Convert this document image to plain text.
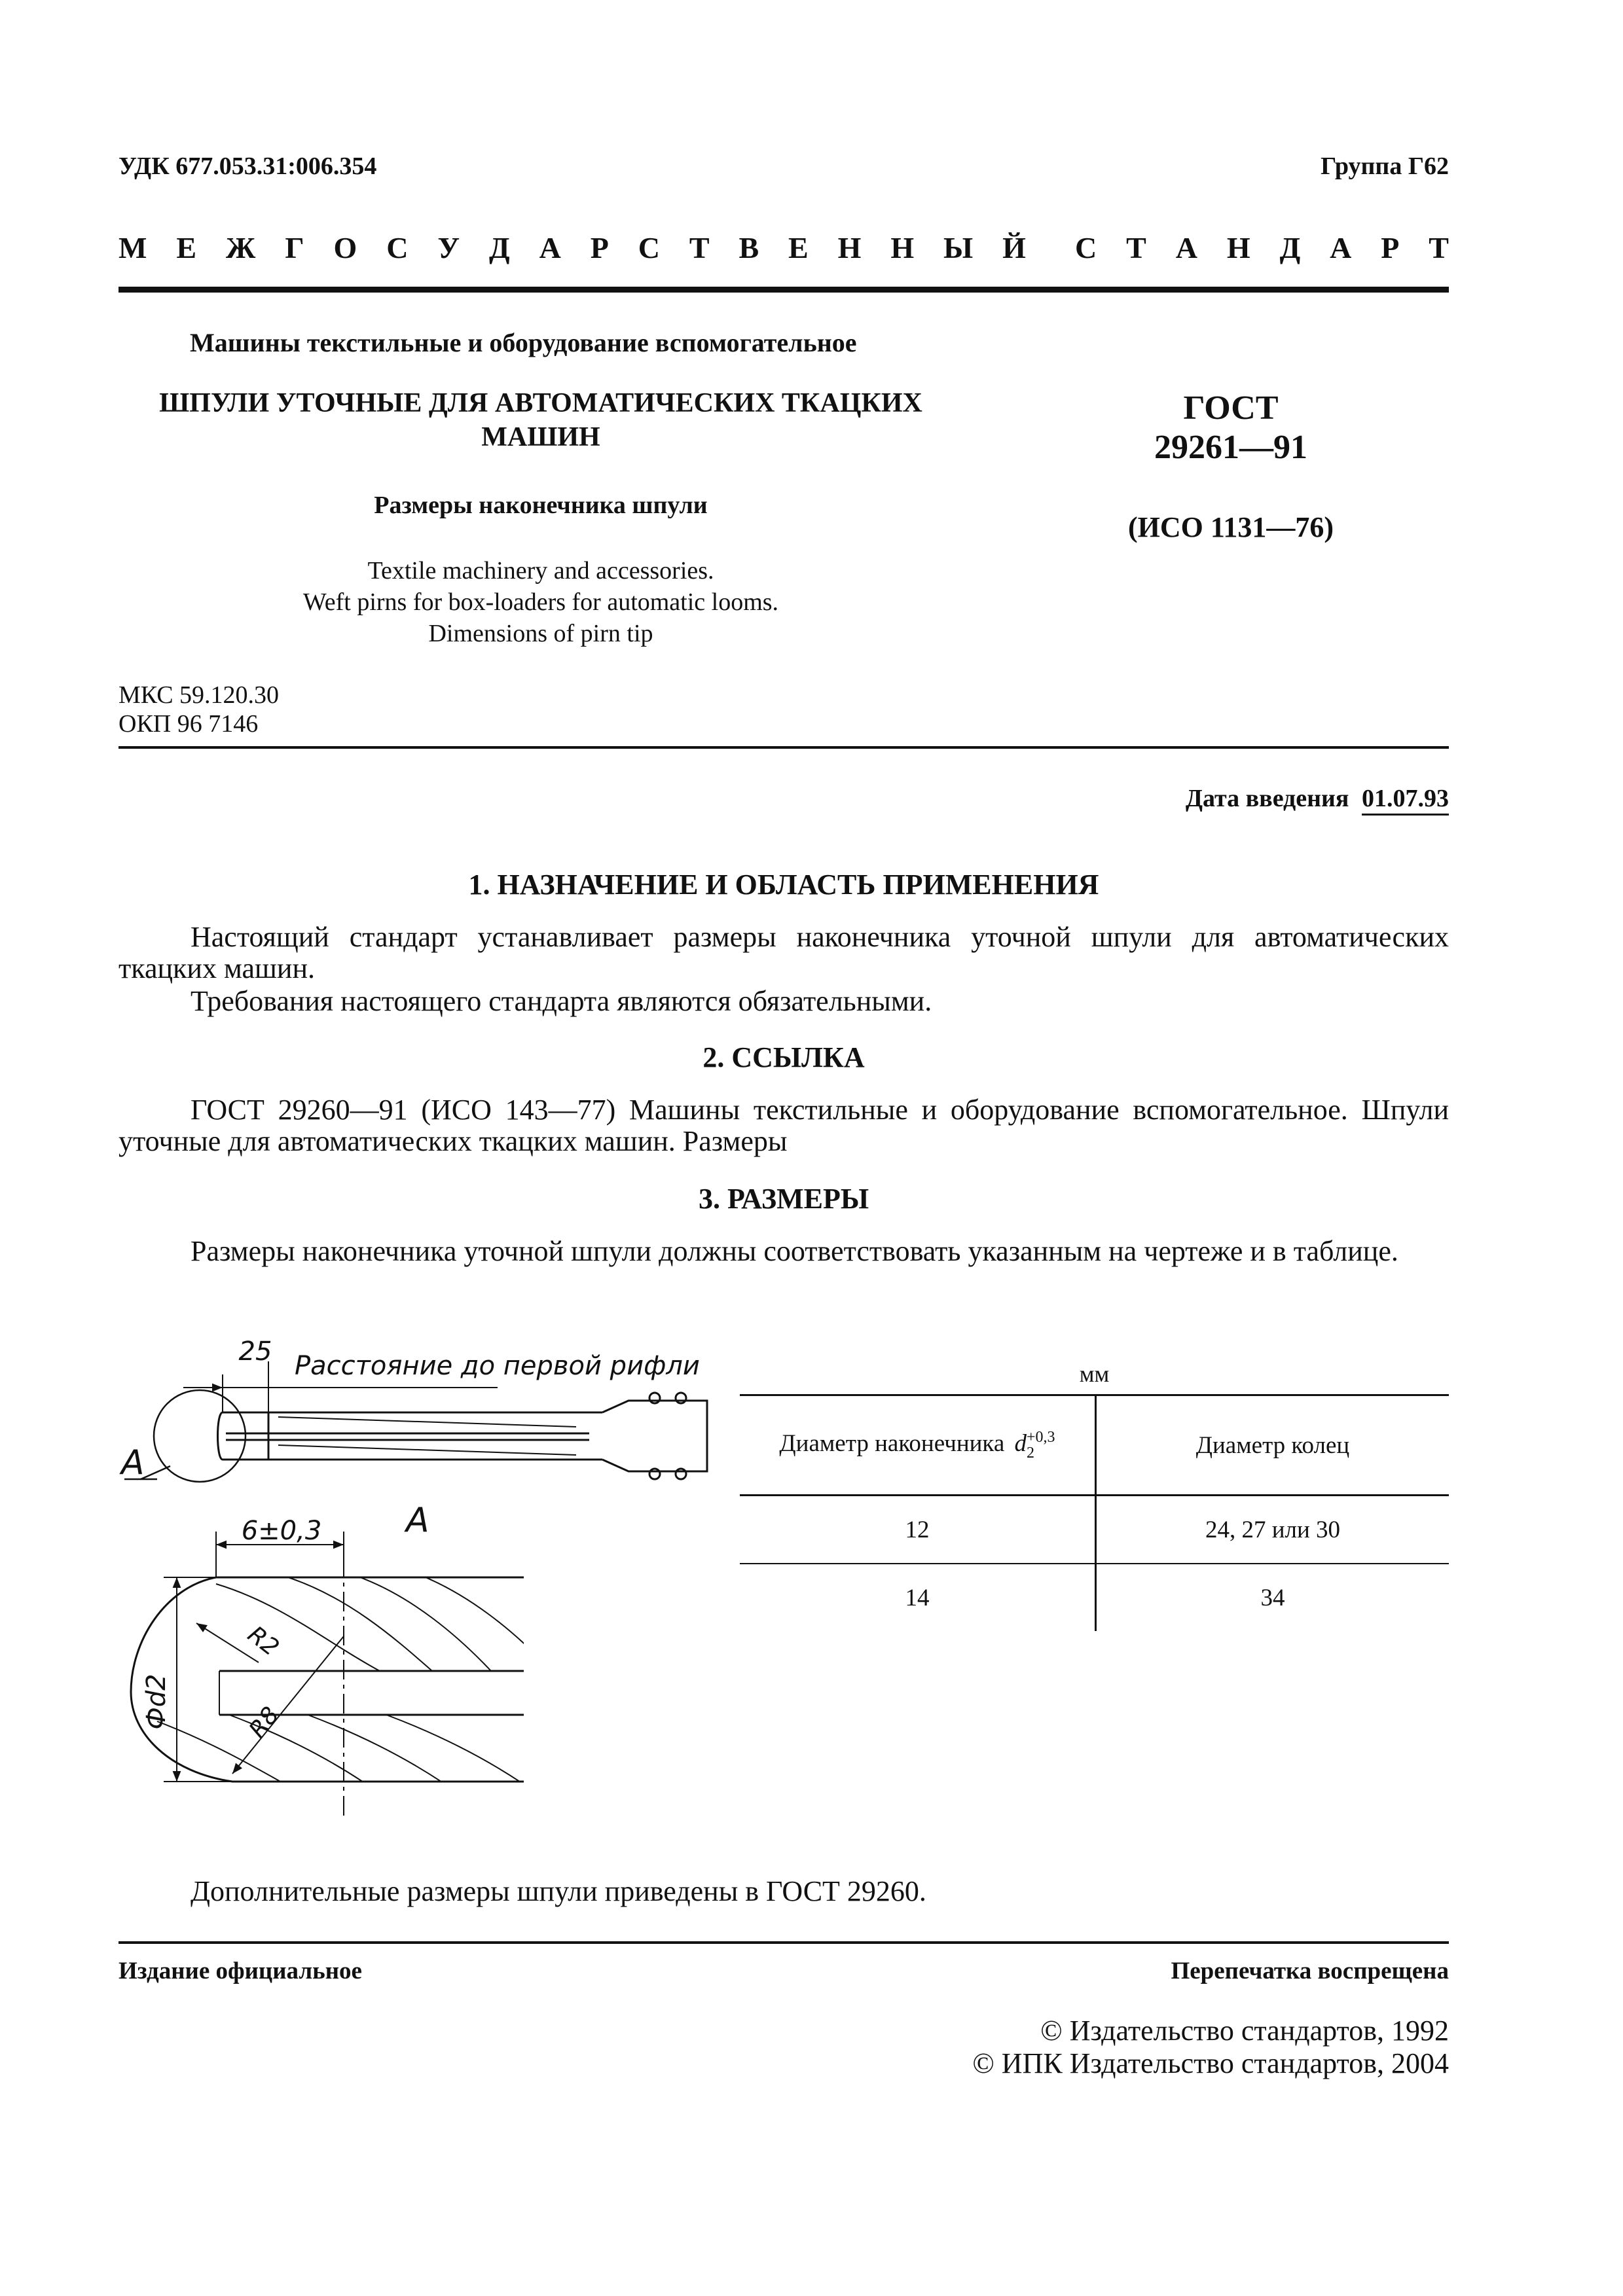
УДК 677.053.31:006.354	Группа Г62
М Е Ж Г О С У Д А Р С Т В Е Н Н Ы Й С Т А Н Д А Р Т
Машины текстильные и оборудование вспомогательное
ШПУЛИ УТОЧНЫЕ ДЛЯ АВТОМАТИЧЕСКИХ ТКАЦКИХ
МАШИН
Размеры наконечника шпули
Textile machinery and accessories.
Weft pirns for box-loaders for automatic looms.
Dimensions of pirn tip
ГОСТ
29261—91
(ИСО 1131—76)
МКС 59.120.30
ОКП 96 7146
Дата введения 01.07.93
1. НАЗНАЧЕНИЕ И ОБЛАСТЬ ПРИМЕНЕНИЯ
Настоящий стандарт устанавливает размеры наконечника уточной шпули для автоматических ткацких машин.
Требования настоящего стандарта являются обязательными.
2. ССЫЛКА
ГОСТ 29260—91 (ИСО 143—77) Машины текстильные и оборудование вспомогательное. Шпули уточные для автоматических ткацких машин. Размеры
3. РАЗМЕРЫ
Размеры наконечника уточной шпули должны соответствовать указанным на чертеже и в таблице.
25 Расстояние до первой рифли
А
А
6±0,3
R2
R8
Фd2
мм
Диаметр наконечника d +0,3
2	Диаметр колец
12	24, 27 или 30
14	34
Дополнительные размеры шпули приведены в ГОСТ 29260.
Издание официальное	Перепечатка воспрещена
© Издательство стандартов, 1992
© ИПК Издательство стандартов, 2004
